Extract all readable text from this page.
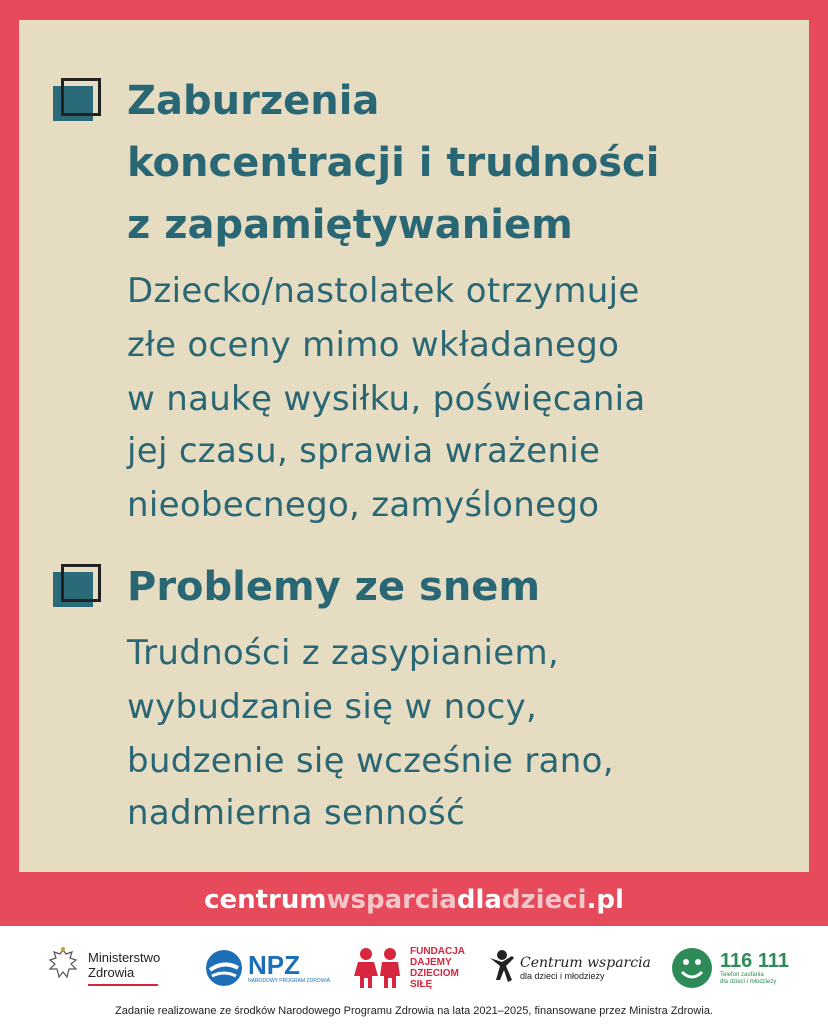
Zaburzenia
koncentracji i trudności
z zapamiętywaniem
Dziecko/nastolatek otrzymuje
złe oceny mimo wkładanego
w naukę wysiłku, poświęcania
jej czasu, sprawia wrażenie
nieobecnego, zamyślonego
Problemy ze snem
Trudności z zasypianiem,
wybudzanie się w nocy,
budzenie się wcześnie rano,
nadmierna senność
centrumwsparciadladzieci.pl
Ministerstwo
Zdrowia	NPZ
NARODOWY PROGRAM ZDROWIA
FUNDACJA
DAJEMY
DZIECIOM
SIŁĘ
Centrum wsparcia
dla dzieci i młodzieży
116 111
Telefon zaufania
dla dzieci i młodzieży
Zadanie realizowane ze środków Narodowego Programu Zdrowia na lata 2021–2025, finansowane przez Ministra Zdrowia.
